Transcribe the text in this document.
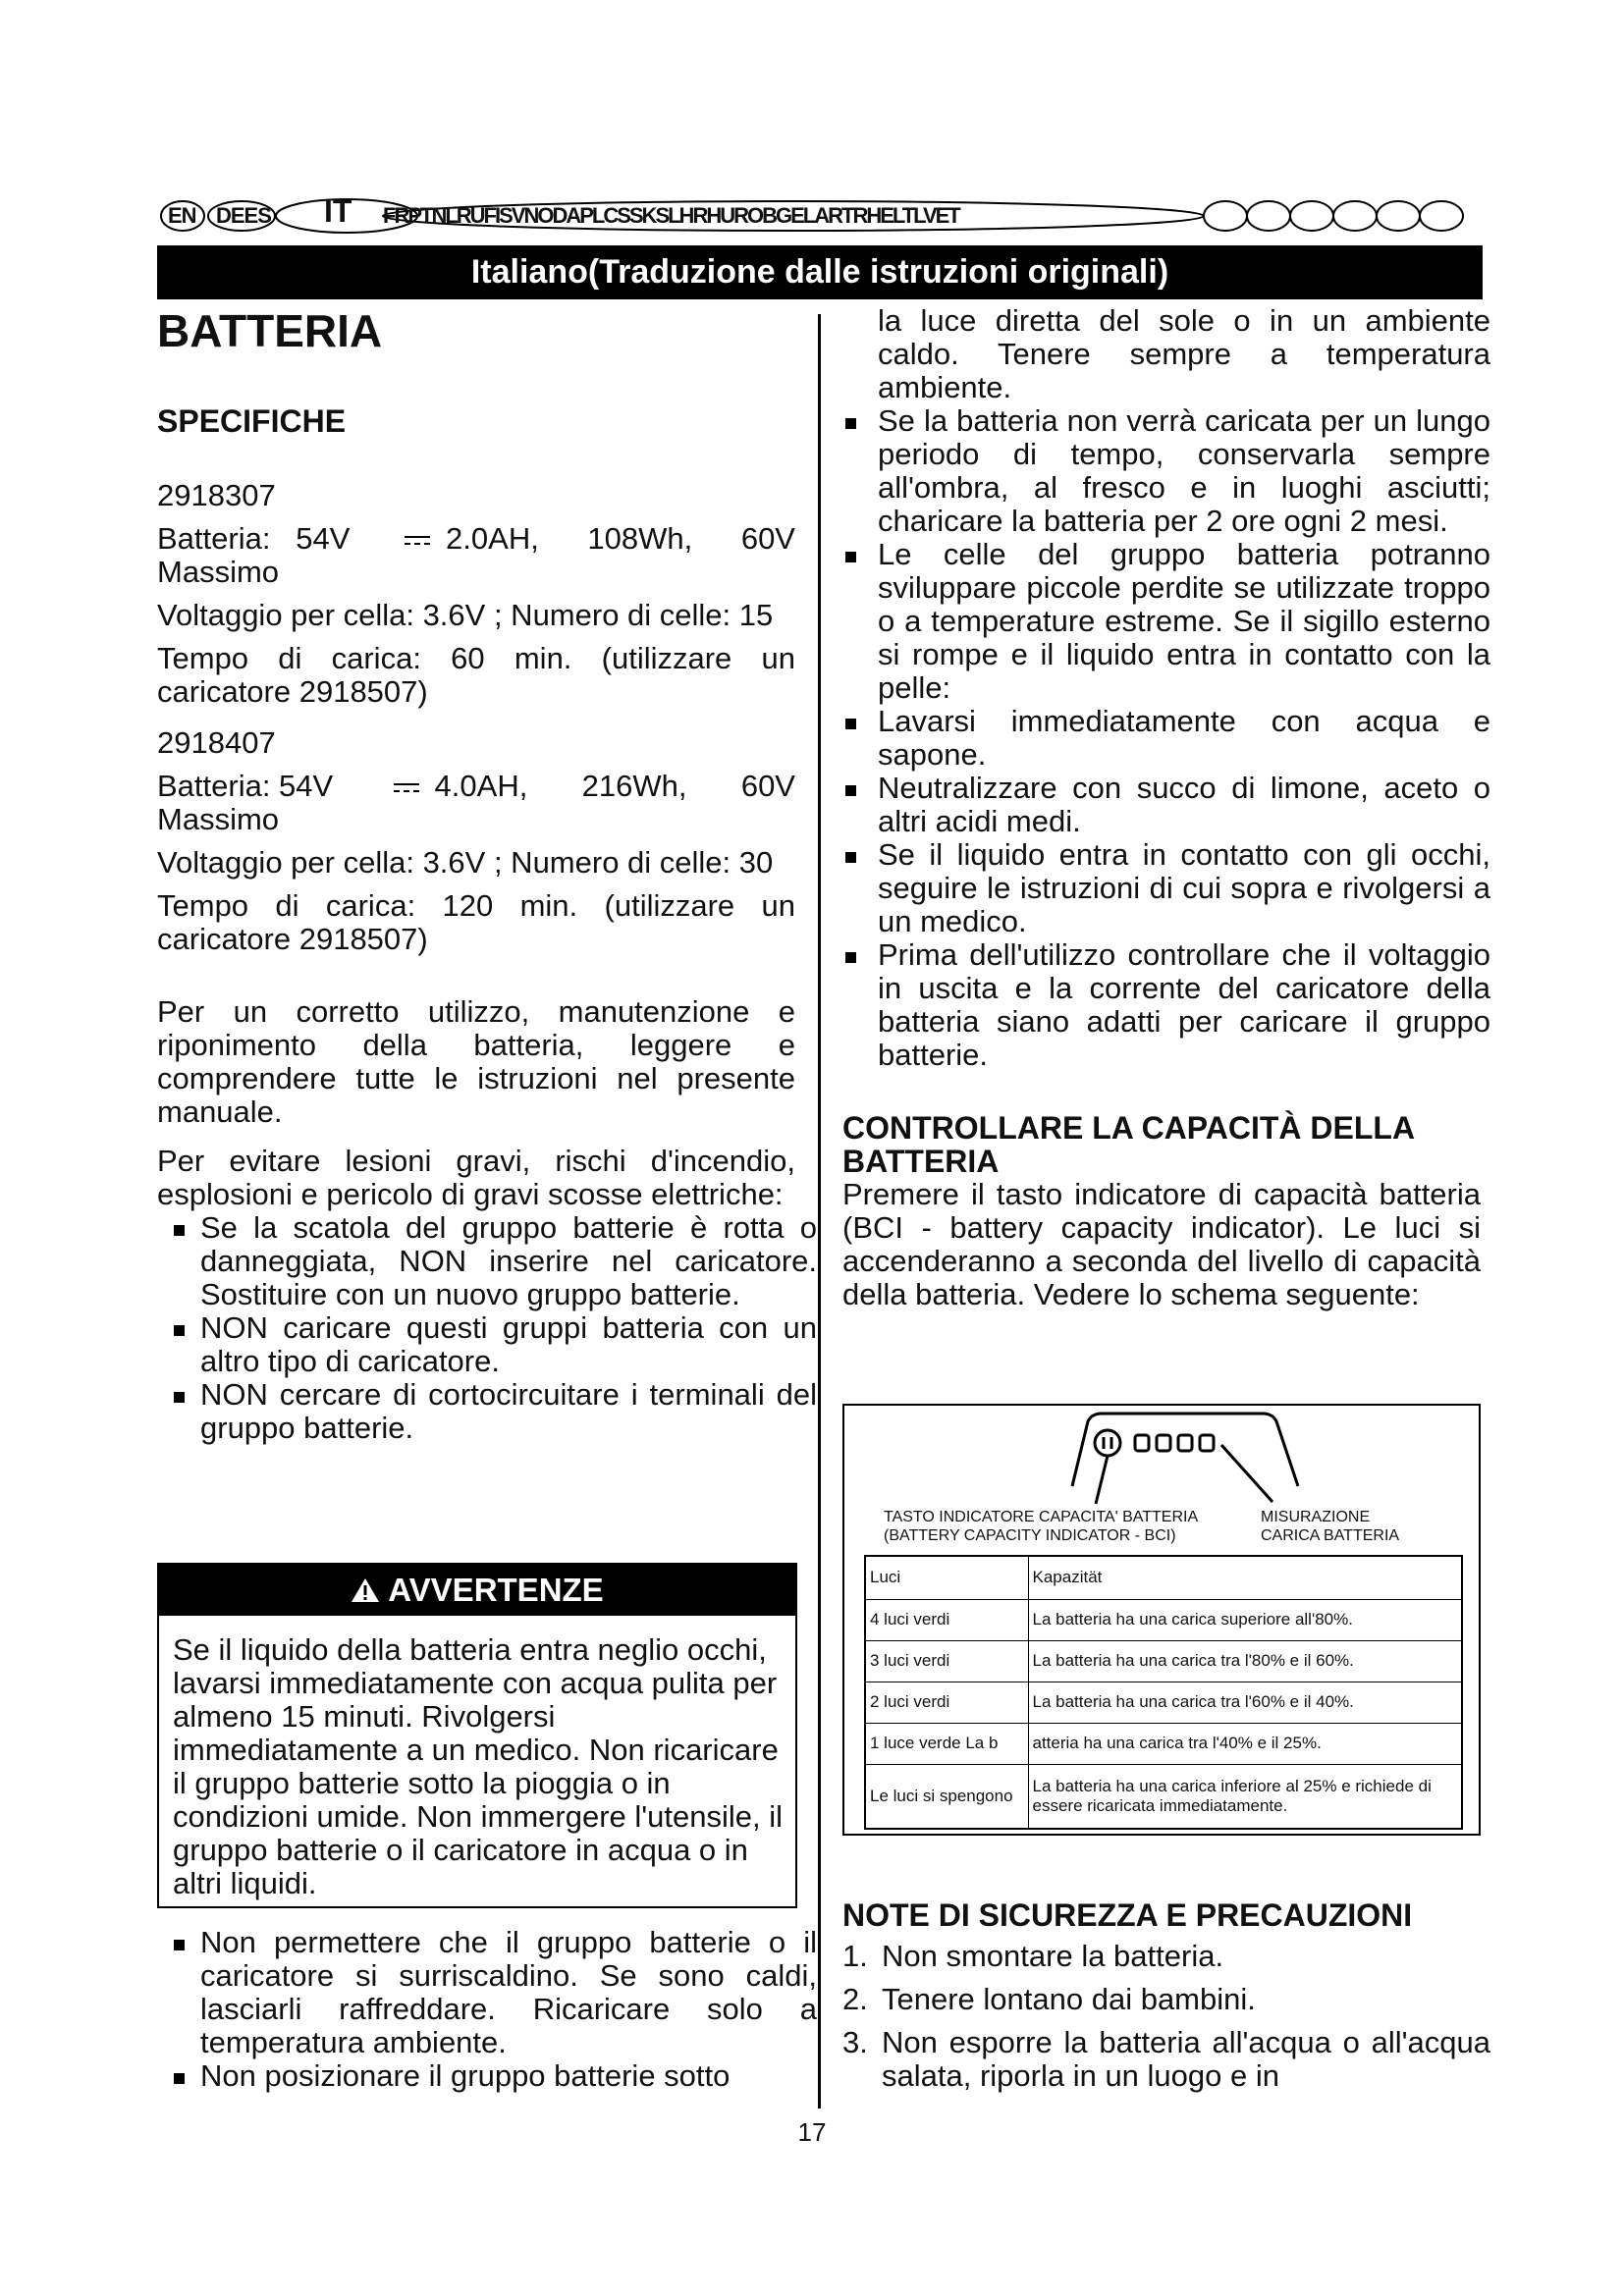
EN DEES IT FRPTNLRUFISVNODAPLCSSKSLHRHUROBGELARTRHELTLVET
Italiano(Traduzione dalle istruzioni originali)
BATTERIA
SPECIFICHE
2918307
Batteria: 54V	2.0AH, 108Wh, 60V
Massimo
Voltaggio per cella: 3.6V ; Numero di celle: 15
Tempo di carica: 60 min. (utilizzare un caricatore 2918507)
2918407
Batteria: 54V	4.0AH, 216Wh, 60V
Massimo
Voltaggio per cella: 3.6V ; Numero di celle: 30
Tempo di carica: 120 min. (utilizzare un caricatore 2918507)
Per un corretto utilizzo, manutenzione e riponimento della batteria, leggere e comprendere tutte le istruzioni nel presente manuale.
Per evitare lesioni gravi, rischi d'incendio, esplosioni e pericolo di gravi scosse elettriche:
Se la scatola del gruppo batterie è rotta o danneggiata, NON inserire nel caricatore. Sostituire con un nuovo gruppo batterie.
NON caricare questi gruppi batteria con un altro tipo di caricatore.
NON cercare di cortocircuitare i terminali del gruppo batterie.
AVVERTENZE
Se il liquido della batteria entra neglio occhi, lavarsi immediatamente con acqua pulita per almeno 15 minuti. Rivolgersi immediatamente a un medico. Non ricaricare il gruppo batterie sotto la pioggia o in condizioni umide. Non immergere l'utensile, il gruppo batterie o il caricatore in acqua o in altri liquidi.
Non permettere che il gruppo batterie o il caricatore si surriscaldino. Se sono caldi, lasciarli raffreddare. Ricaricare solo a temperatura ambiente.
Non posizionare il gruppo batterie sotto
la luce diretta del sole o in un ambiente caldo. Tenere sempre a temperatura ambiente.
Se la batteria non verrà caricata per un lungo periodo di tempo, conservarla sempre all'ombra, al fresco e in luoghi asciutti; charicare la batteria per 2 ore ogni 2 mesi.
Le celle del gruppo batteria potranno sviluppare piccole perdite se utilizzate troppo o a temperature estreme. Se il sigillo esterno si rompe e il liquido entra in contatto con la pelle:
Lavarsi immediatamente con acqua e sapone.
Neutralizzare con succo di limone, aceto o altri acidi medi.
Se il liquido entra in contatto con gli occhi, seguire le istruzioni di cui sopra e rivolgersi a un medico.
Prima dell'utilizzo controllare che il voltaggio in uscita e la corrente del caricatore della batteria siano adatti per caricare il gruppo batterie.
CONTROLLARE LA CAPACITÀ DELLA BATTERIA
Premere il tasto indicatore di capacità batteria (BCI - battery capacity indicator). Le luci si accenderanno a seconda del livello di capacità della batteria. Vedere lo schema seguente:
TASTO INDICATORE CAPACITA' BATTERIA
(BATTERY CAPACITY INDICATOR - BCI)
MISURAZIONE
CARICA BATTERIA
Luci	Kapazität
4 luci verdi	La batteria ha una carica superiore all'80%.
3 luci verdi	La batteria ha una carica tra l'80% e il 60%.
2 luci verdi	La batteria ha una carica tra l'60% e il 40%.
1 luce verde La b	atteria ha una carica tra l'40% e il 25%.
Le luci si spengono	La batteria ha una carica inferiore al 25% e richiede di essere ricaricata immediatamente.
NOTE DI SICUREZZA E PRECAUZIONI
1. Non smontare la batteria.
2. Tenere lontano dai bambini.
3. Non esporre la batteria all'acqua o all'acqua salata, riporla in un luogo e in
17
